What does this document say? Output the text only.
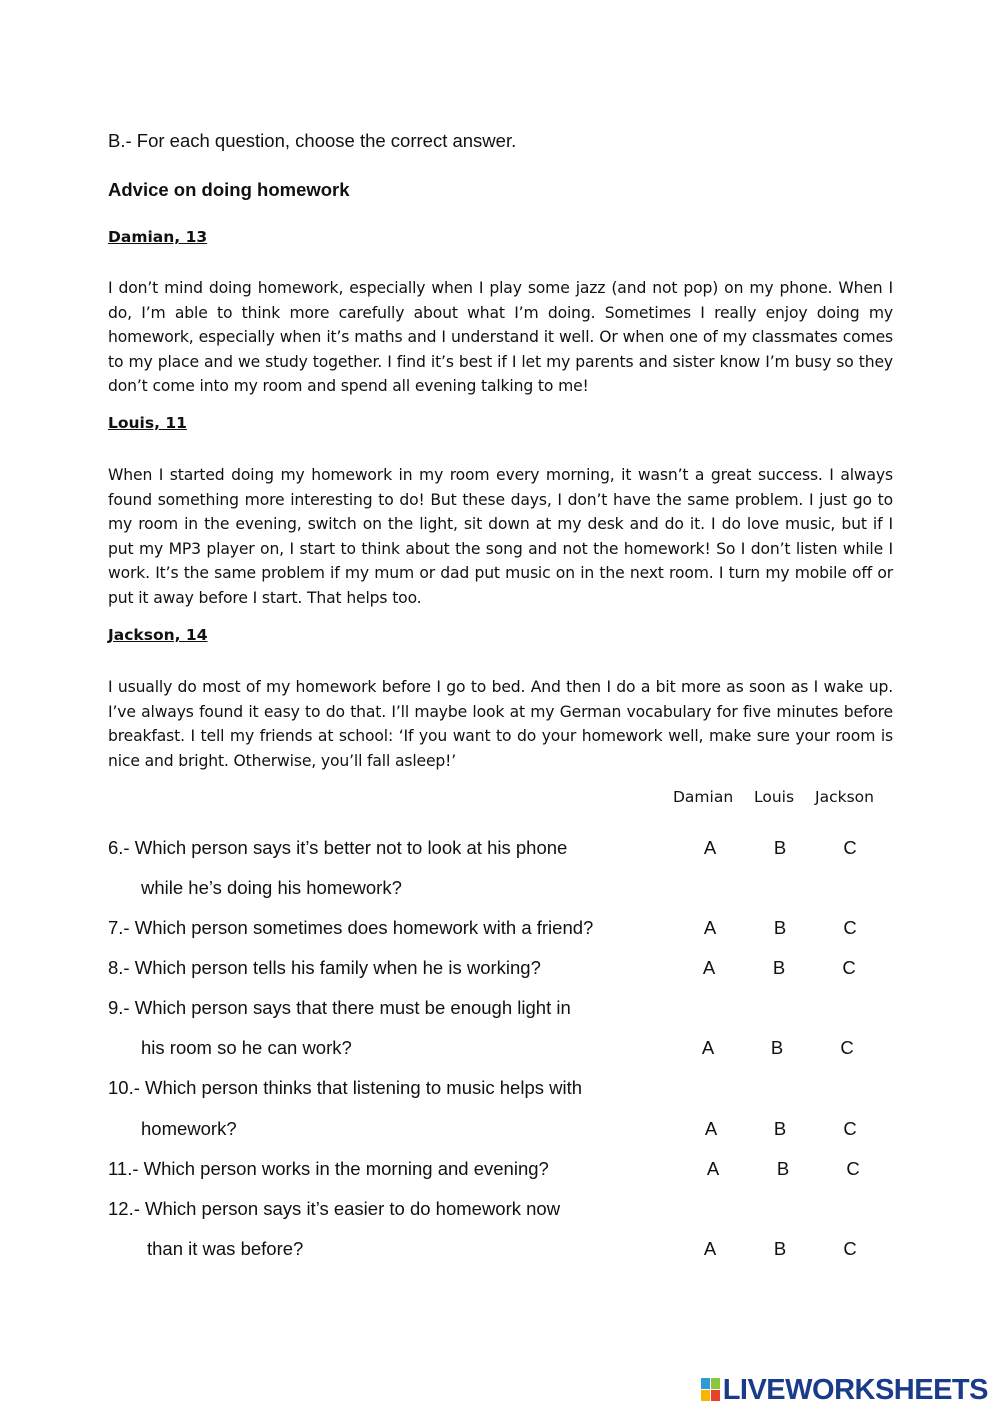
B.- For each question, choose the correct answer.
Advice on doing homework
Damian, 13
I don’t mind doing homework, especially when I play some jazz (and not pop) on my phone. When I do, I’m able to think more carefully about what I’m doing. Sometimes I really enjoy doing my homework, especially when it’s maths and I understand it well. Or when one of my classmates comes to my place and we study together. I find it’s best if I let my parents and sister know I’m busy so they don’t come into my room and spend all evening talking to me!
Louis, 11
When I started doing my homework in my room every morning, it wasn’t a great success. I always found something more interesting to do! But these days, I don’t have the same problem. I just go to my room in the evening, switch on the light, sit down at my desk and do it. I do love music, but if I put my MP3 player on, I start to think about the song and not the homework! So I don’t listen while I work. It’s the same problem if my mum or dad put music on in the next room. I turn my mobile off or put it away before I start. That helps too.
Jackson, 14
I usually do most of my homework before I go to bed. And then I do a bit more as soon as I wake up. I’ve always found it easy to do that. I’ll maybe look at my German vocabulary for five minutes before breakfast. I tell my friends at school: ‘If you want to do your homework well, make sure your room is nice and bright. Otherwise, you’ll fall asleep!’
Damian Louis Jackson
6.- Which person says it’s better not to look at his phone
while he’s doing his homework?
A	B	C
7.- Which person sometimes does homework with a friend?	A	B	C
8.- Which person tells his family when he is working?	A	B	C
9.- Which person says that there must be enough light in
his room so he can work?	A	B	C
10.- Which person thinks that listening to music helps with
homework?	A	B	C
11.- Which person works in the morning and evening?	A	B	C
12.- Which person says it’s easier to do homework now
than it was before?	A	B	C
LIVEWORKSHEETS
